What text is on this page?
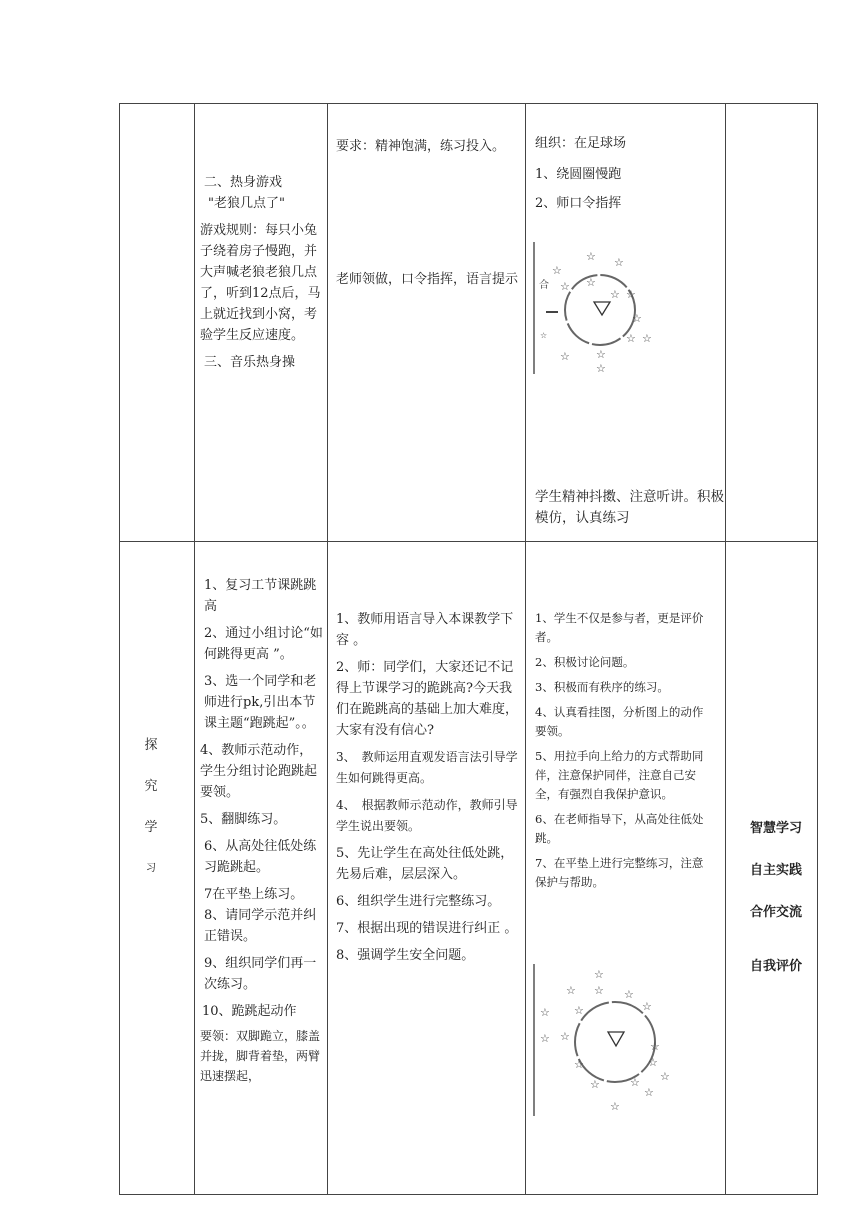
二、热身游戏

"老狼几点了"

游戏规则：每只小兔子绕着房子慢跑，并大声喊老狼老狼几点了，听到12点后，马上就近找到小窝，考验学生反应速度。

三、音乐热身操

要求：精神饱满，练习投入。
老师领做，口令指挥，语言提示

组织：在足球场

1、绕圆圈慢跑

2、师口令指挥

合
☆
☆ ☆
☆ ☆
☆ ☆
☆
☆
☆
☆
☆
☆
☆
学生精神抖擞、注意听讲。积极模仿，认真练习

探

究

学

习

1、复习工节课跳跳高

2、通过小组讨论“如何跳得更高 ”。

3、选一个同学和老师进行pk,引出本节课主题“跑跳起”。。

4、教师示范动作，学生分组讨论跑跳起要领。

5、翻脚练习。

6、从高处往低处练习跪跳起。

7在平垫上练习。8、请同学示范并纠正错误。

9、组织同学们再一 次练习。

10、跪跳起动作

要领：双脚跪立，膝盖并拢，脚背着垫，两臂迅速摆起，

1、教师用语言导入本课教学下容 。

2、师：同学们，大家还记不记得上节课学习的跪跳高?今天我们在跪跳高的基础上加大难度，大家有没有信心?

3、　教师运用直观发语言法引导学生如何跳得更高。

4、　根据教师示范动作，教师引导学生说出要领。

5、先让学生在高处往低处跳，先易后难，层层深入。

6、组织学生进行完整练习。

7、根据出现的错误进行纠正 。

8、强调学生安全问题。

1、学生不仅是参与者，更是评价者。

2、积极讨论问题。

3、积极而有秩序的练习。

4、认真看挂图，分析图上的动作要领。

5、用拉手向上给力的方式帮助同伴，注意保护同伴，注意自己安全，有强烈自我保护意识。

6、在老师指导下，从高处往低处跳。

7、在平垫上进行完整练习，注意保护与帮助。

☆
☆ ☆ ☆
☆
☆
☆
☆ ☆
☆
☆
☆
☆
☆
☆
☆
☆

智慧学习

自主实践

合作交流

自我评价
